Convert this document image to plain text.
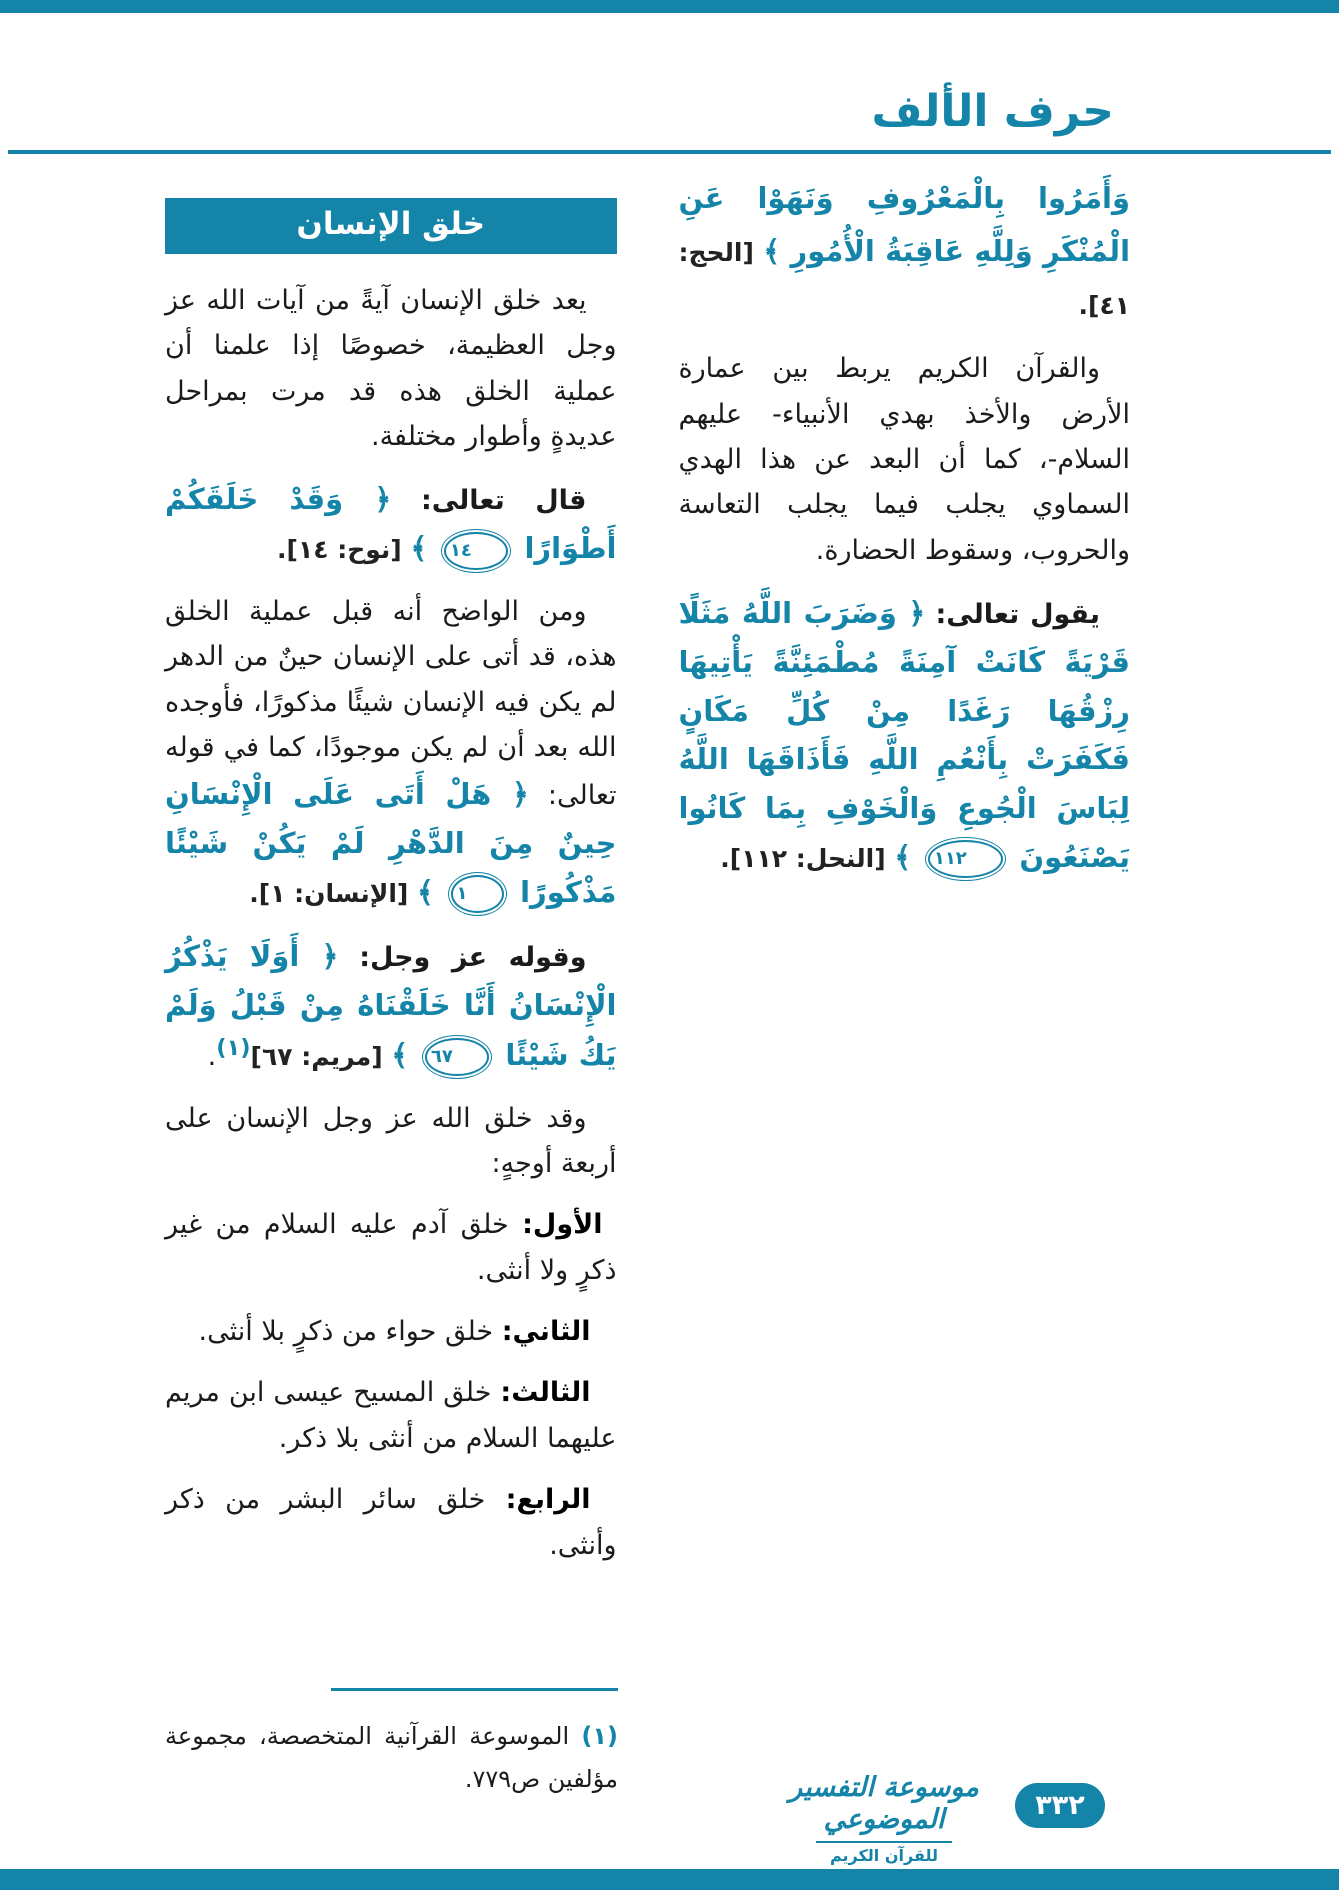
حرف الألف

وَأَمَرُوا بِالْمَعْرُوفِ وَنَهَوْا عَنِ الْمُنْكَرِ وَلِلَّهِ عَاقِبَةُ الْأُمُورِ ﴾ [الحج: ٤١].

والقرآن الكريم يربط بين عمارة الأرض والأخذ بهدي الأنبياء- عليهم السلام-، كما أن البعد عن هذا الهدي السماوي يجلب فيما يجلب التعاسة والحروب، وسقوط الحضارة.

يقول تعالى: ﴿ وَضَرَبَ اللَّهُ مَثَلًا قَرْيَةً كَانَتْ آمِنَةً مُطْمَئِنَّةً يَأْتِيهَا رِزْقُهَا رَغَدًا مِنْ كُلِّ مَكَانٍ فَكَفَرَتْ بِأَنْعُمِ اللَّهِ فَأَذَاقَهَا اللَّهُ لِبَاسَ الْجُوعِ وَالْخَوْفِ بِمَا كَانُوا يَصْنَعُونَ ١١٢ ﴾ [النحل: ١١٢].

خلق الإنسان

يعد خلق الإنسان آيةً من آيات الله عز وجل العظيمة، خصوصًا إذا علمنا أن عملية الخلق هذه قد مرت بمراحل عديدةٍ وأطوار مختلفة.

قال تعالى: ﴿ وَقَدْ خَلَقَكُمْ أَطْوَارًا ١٤ ﴾ [نوح: ١٤].

ومن الواضح أنه قبل عملية الخلق هذه، قد أتى على الإنسان حينٌ من الدهر لم يكن فيه الإنسان شيئًا مذكورًا، فأوجده الله بعد أن لم يكن موجودًا، كما في قوله تعالى: ﴿ هَلْ أَتَى عَلَى الْإِنْسَانِ حِينٌ مِنَ الدَّهْرِ لَمْ يَكُنْ شَيْئًا مَذْكُورًا ١ ﴾ [الإنسان: ١].

وقوله عز وجل: ﴿ أَوَلَا يَذْكُرُ الْإِنْسَانُ أَنَّا خَلَقْنَاهُ مِنْ قَبْلُ وَلَمْ يَكُ شَيْئًا ٦٧ ﴾ [مريم: ٦٧]$^{(١)}$.

وقد خلق الله عز وجل الإنسان على أربعة أوجهٍ:

الأول: خلق آدم عليه السلام من غير ذكرٍ ولا أنثى.

الثاني: خلق حواء من ذكرٍ بلا أنثى.

الثالث: خلق المسيح عيسى ابن مريم عليهما السلام من أنثى بلا ذكر.

الرابع: خلق سائر البشر من ذكر وأنثى.

(١) الموسوعة القرآنية المتخصصة، مجموعة مؤلفين ص٧٧٩.	موسوعة التفسير الموضوعي
للقرآن الكريم
٣٣٢
